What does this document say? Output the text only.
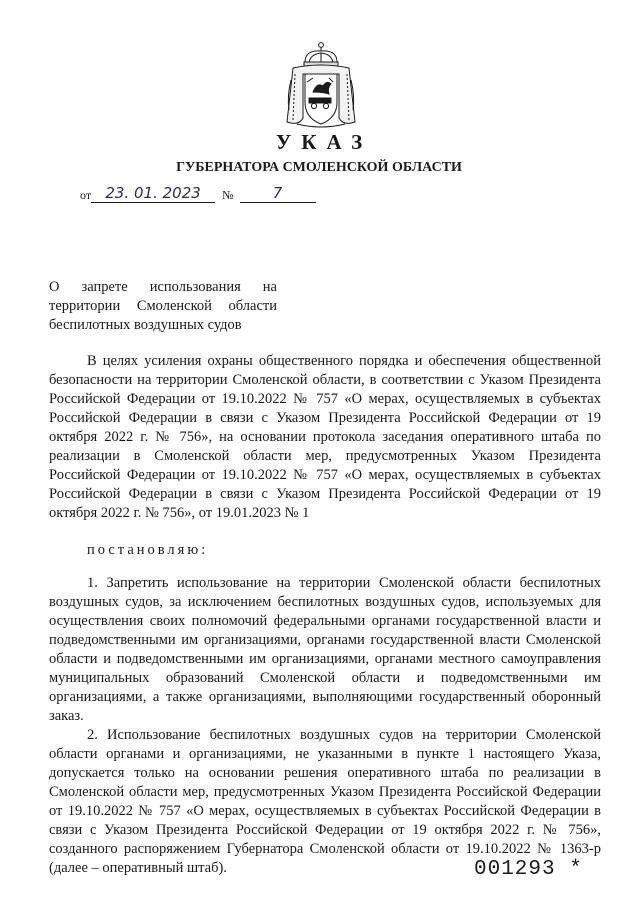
УКАЗ
ГУБЕРНАТОРА СМОЛЕНСКОЙ ОБЛАСТИ
от 23. 01. 2023 №	7
О запрете использования на
территории Смоленской области
беспилотных воздушных судов

В целях усиления охраны общественного порядка и обеспечения общественной безопасности на территории Смоленской области, в соответствии с Указом Президента Российской Федерации от 19.10.2022 № 757 «О мерах, осуществляемых в субъектах Российской Федерации в связи с Указом Президента Российской Федерации от 19 октября 2022 г. № 756», на основании протокола заседания оперативного штаба по реализации в Смоленской области мер, предусмотренных Указом Президента Российской Федерации от 19.10.2022 № 757 «О мерах, осуществляемых в субъектах Российской Федерации в связи с Указом Президента Российской Федерации от 19 октября 2022 г. № 756», от 19.01.2023 № 1

постановляю:

1. Запретить использование на территории Смоленской области беспилотных воздушных судов, за исключением беспилотных воздушных судов, используемых для осуществления своих полномочий федеральными органами государственной власти и подведомственными им организациями, органами государственной власти Смоленской области и подведомственными им организациями, органами местного самоуправления муниципальных образований Смоленской области и подведомственными им организациями, а также организациями, выполняющими государственный оборонный заказ.

2. Использование беспилотных воздушных судов на территории Смоленской области органами и организациями, не указанными в пункте 1 настоящего Указа, допускается только на основании решения оперативного штаба по реализации в Смоленской области мер, предусмотренных Указом Президента Российской Федерации от 19.10.2022 № 757 «О мерах, осуществляемых в субъектах Российской Федерации в связи с Указом Президента Российской Федерации от 19 октября 2022 г. № 756», созданного распоряжением Губернатора Смоленской области от 19.10.2022 № 1363-р (далее – оперативный штаб).	001293 *
